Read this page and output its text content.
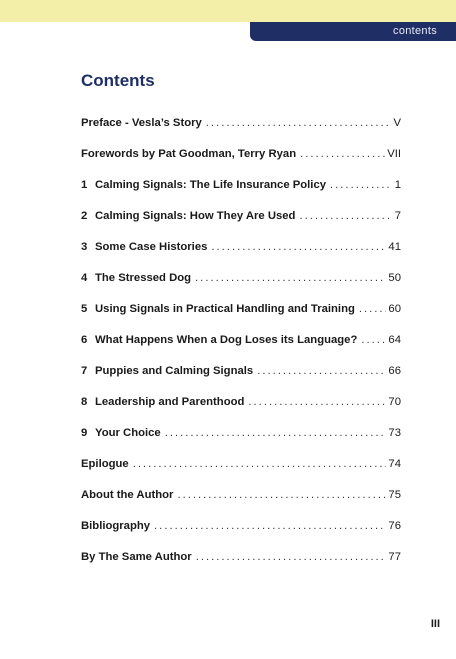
contents
Contents
Preface - Vesla’s Story .....	V
Forewords by Pat Goodman, Terry Ryan .....	VII
1 Calming Signals: The Life Insurance Policy .....	1
2 Calming Signals: How They Are Used .....	7
3 Some Case Histories .....	41
4 The Stressed Dog .....	50
5 Using Signals in Practical Handling and Training .....	60
6 What Happens When a Dog Loses its Language? .....	64
7 Puppies and Calming Signals .....	66
8 Leadership and Parenthood .....	70
9 Your Choice .....	73
Epilogue .....	74
About the Author .....	75
Bibliography .....	76
By The Same Author .....	77
III
